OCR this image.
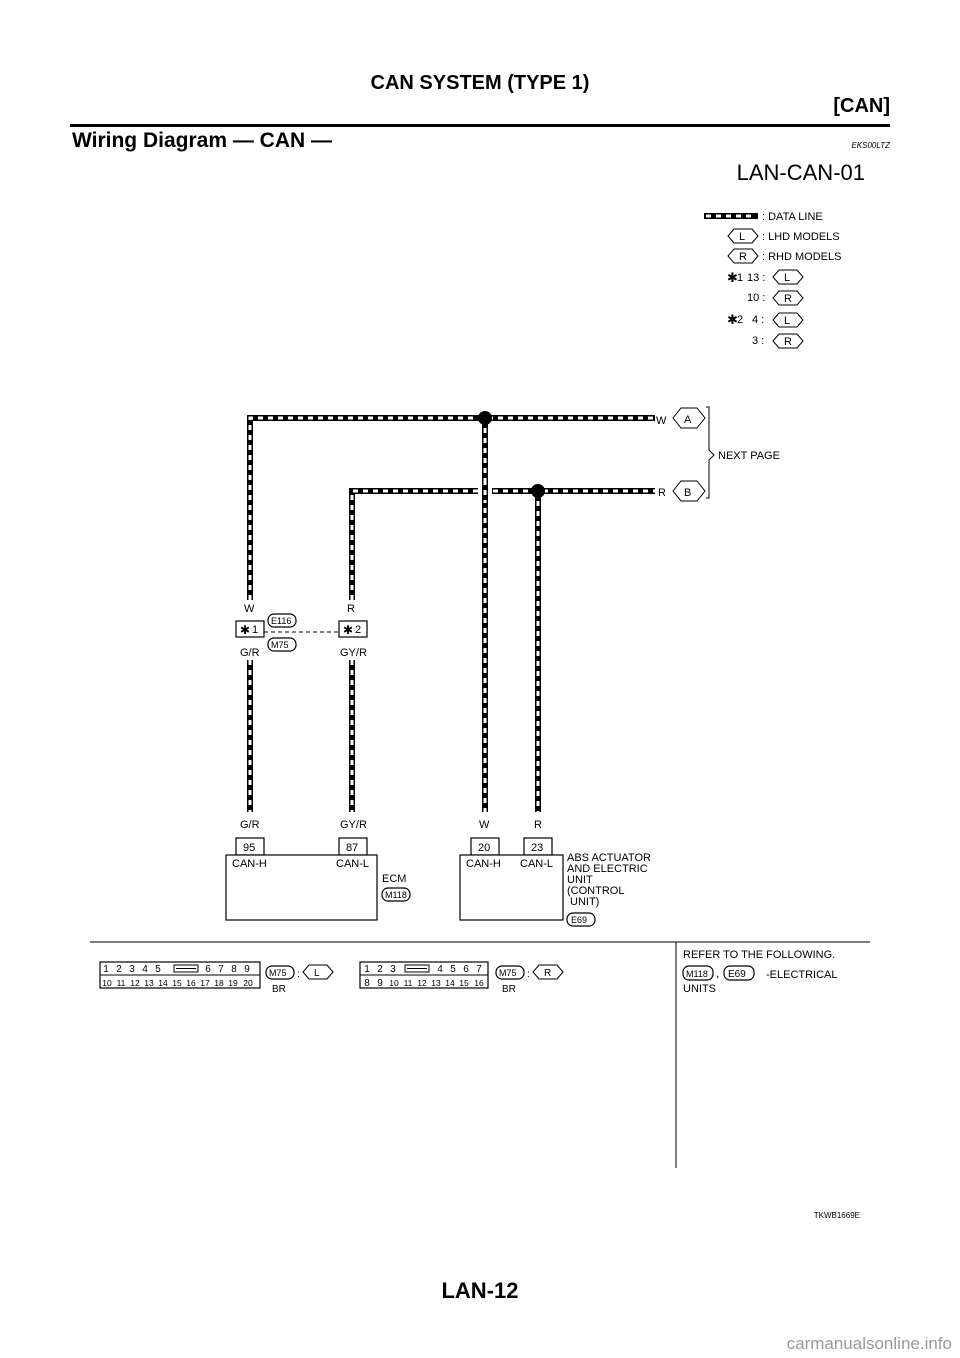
CAN SYSTEM (TYPE 1)
[CAN]
Wiring Diagram — CAN —	EKS00LTZ
LAN-CAN-01
: DATA LINE
L : LHD MODELS
R : RHD MODELS
✱ 1 13 : L
10 : R
✱ 2 4 : L
3 : R
W A
R B
NEXT PAGE
W	R
✱ 1	✱ 2
E116
M75
G/R	GY/R
G/R	GY/R
95	87
CAN-H	CAN-L
ECM
M118
W	R
20	23
CAN-H CAN-L ABS ACTUATOR
AND ELECTRIC
UNIT
(CONTROL
UNIT)
E69
1 2 3 4 5	6 7 8 9
10 11 12 13 14 15 16 17 18 19 20
M75 : L
BR
1 2 3	4 5 6 7
8 9 10 11 12 13 14 15 16
M75 : R
BR
REFER TO THE FOLLOWING.
M118 , E69 -ELECTRICAL
UNITS
TKWB1669E
LAN-12
carmanualsonline.info
